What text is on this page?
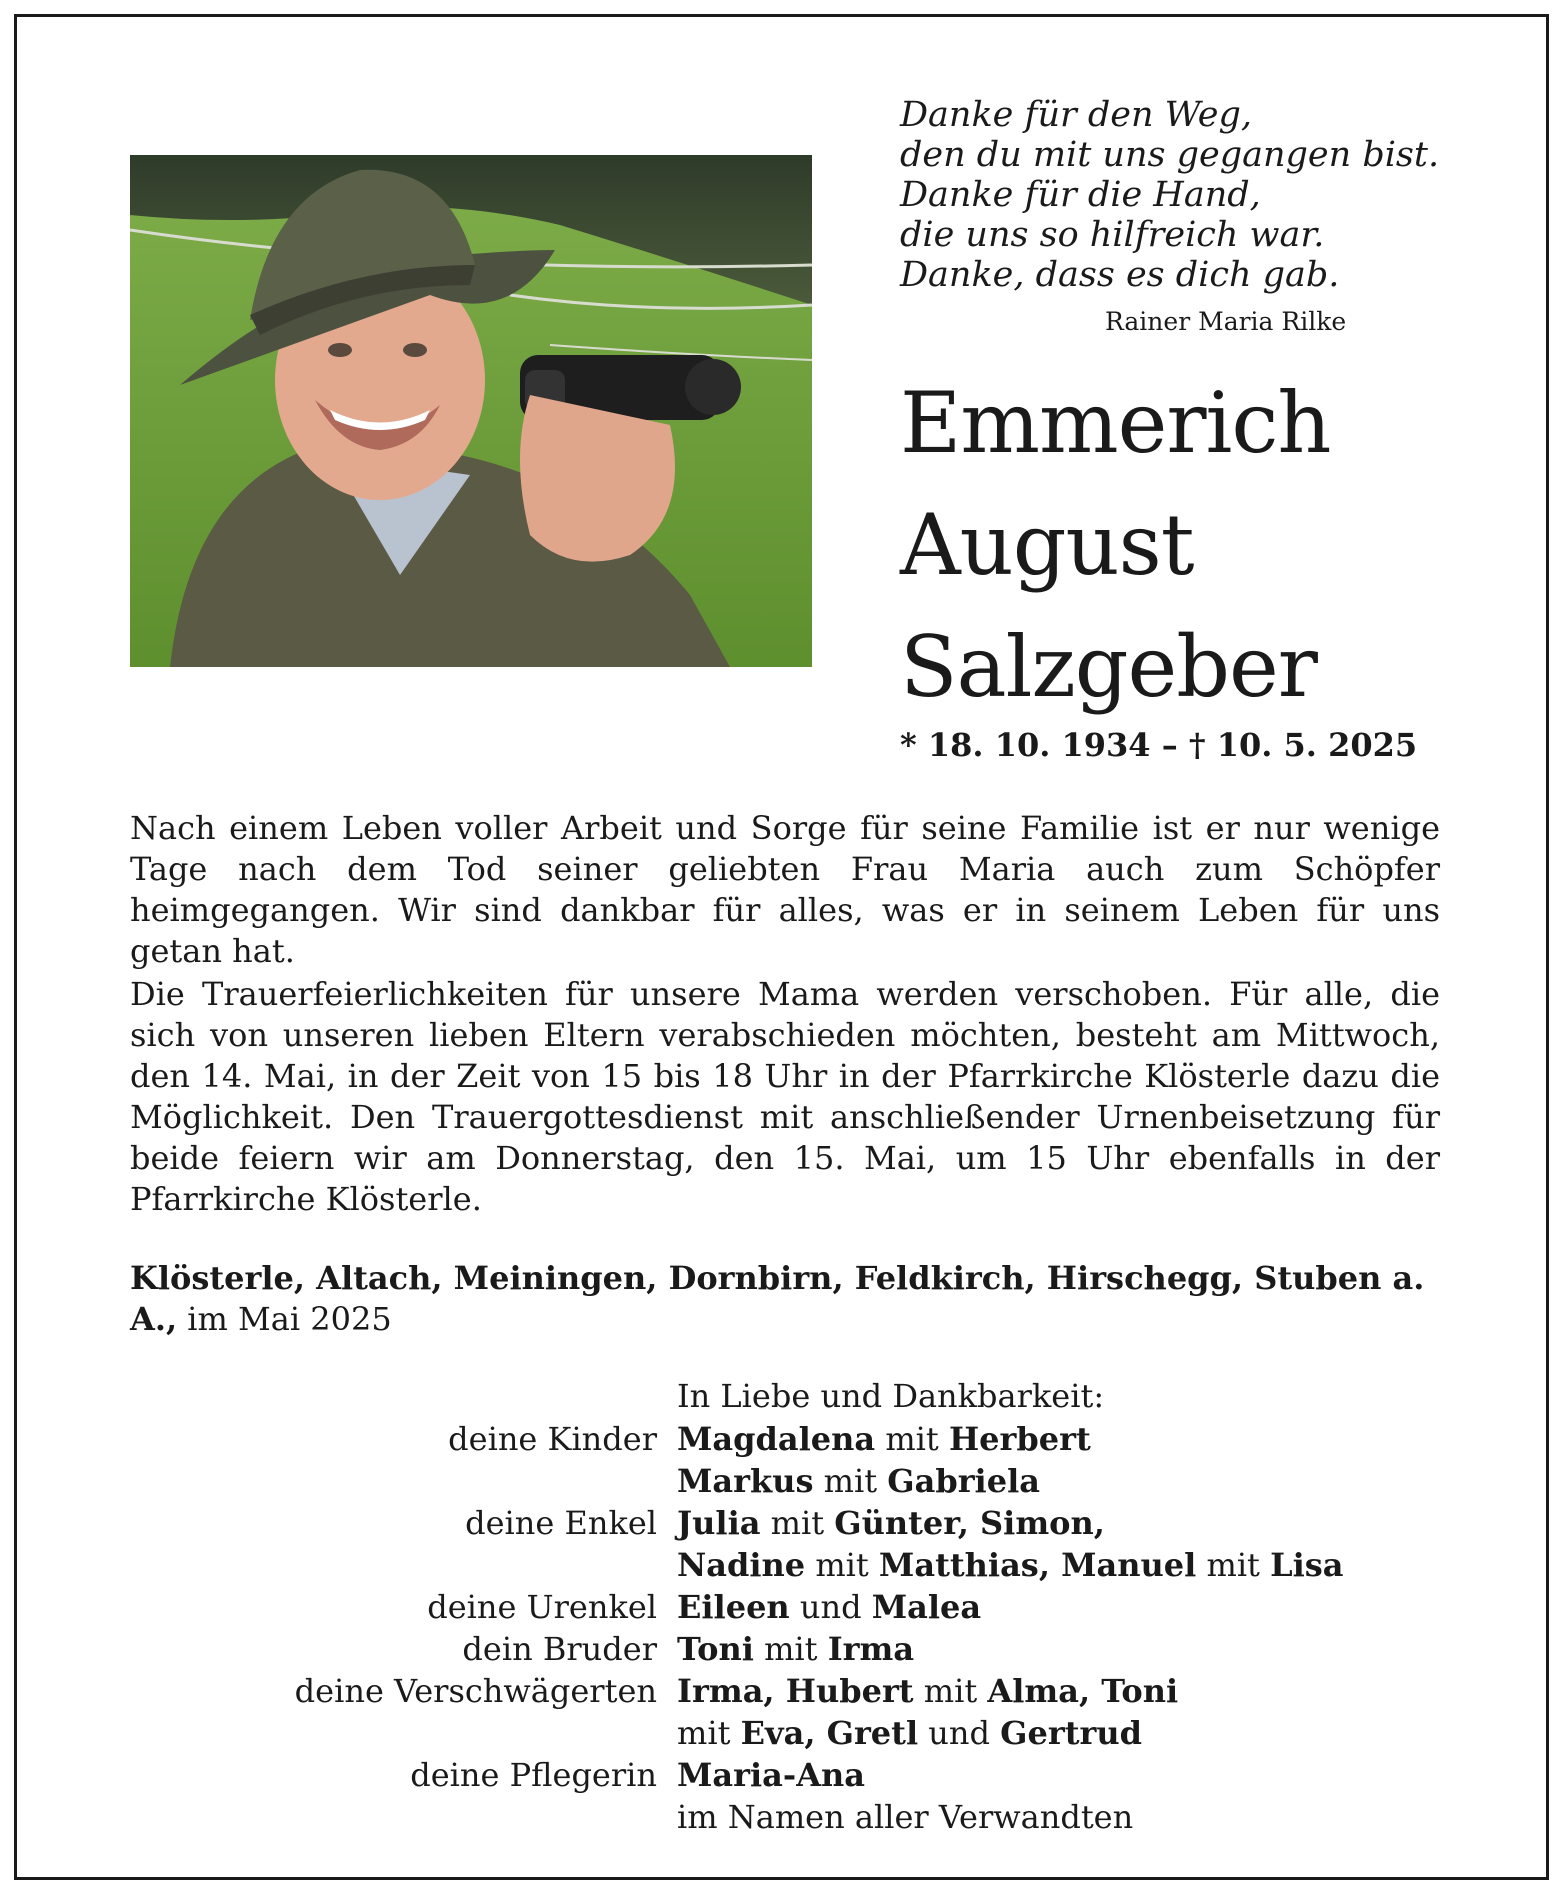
Danke für den Weg,
den du mit uns gegangen bist.
Danke für die Hand,
die uns so hilfreich war.
Danke, dass es dich gab.
Rainer Maria Rilke
Emmerich
August
Salzgeber
* 18. 10. 1934 – † 10. 5. 2025
Nach einem Leben voller Arbeit und Sorge für seine Familie ist er nur wenige Tage nach dem Tod seiner geliebten Frau Maria auch zum Schöpfer heimgegangen. Wir sind dankbar für alles, was er in seinem Leben für uns getan hat.
Die Trauerfeierlichkeiten für unsere Mama werden verschoben. Für alle, die sich von unseren lieben Eltern verabschieden möchten, besteht am Mittwoch, den 14. Mai, in der Zeit von 15 bis 18 Uhr in der Pfarrkirche Klösterle dazu die Möglichkeit. Den Trauergottesdienst mit anschließender Urnenbeisetzung für beide feiern wir am Donnerstag, den 15. Mai, um 15 Uhr ebenfalls in der Pfarrkirche Klösterle.
Klösterle, Altach, Meiningen, Dornbirn, Feldkirch, Hirschegg, Stuben a. A., im Mai 2025
In Liebe und Dankbarkeit:
deine Kinder Magdalena mit Herbert
Markus mit Gabriela
deine Enkel Julia mit Günter, Simon,
Nadine mit Matthias, Manuel mit Lisa
deine Urenkel Eileen und Malea
dein Bruder Toni mit Irma
deine Verschwägerten Irma, Hubert mit Alma, Toni
mit Eva, Gretl und Gertrud
deine Pflegerin Maria-Ana
im Namen aller Verwandten
